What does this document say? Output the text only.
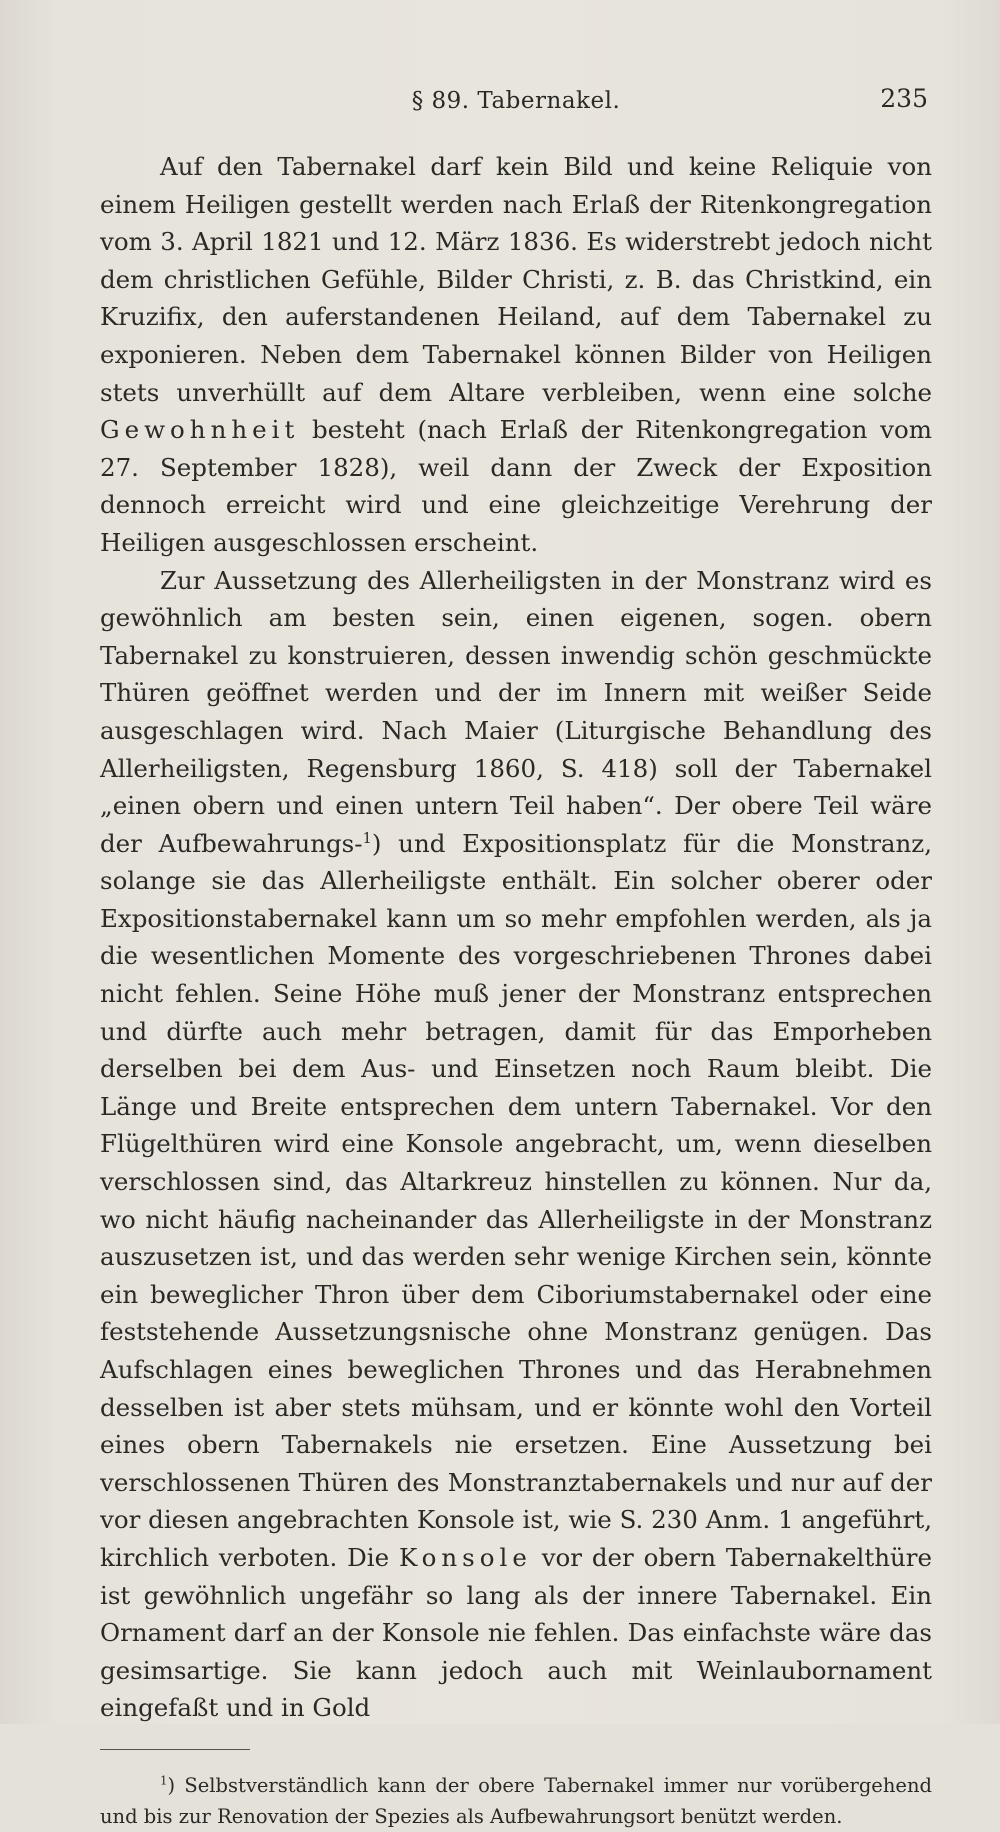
§ 89. Tabernakel.	235

Auf den Tabernakel darf kein Bild und keine Reliquie von einem Heiligen gestellt werden nach Erlaß der Ritenkongregation vom 3. April 1821 und 12. März 1836. Es widerstrebt jedoch nicht dem christlichen Gefühle, Bilder Christi, z. B. das Christkind, ein Kruzifix, den auferstandenen Heiland, auf dem Tabernakel zu exponieren. Neben dem Tabernakel können Bilder von Heiligen stets unverhüllt auf dem Altare verbleiben, wenn eine solche Gewohnheit besteht (nach Erlaß der Ritenkongregation vom 27. September 1828), weil dann der Zweck der Exposition dennoch erreicht wird und eine gleichzeitige Verehrung der Heiligen ausgeschlossen erscheint.

Zur Aussetzung des Allerheiligsten in der Monstranz wird es gewöhnlich am besten sein, einen eigenen, sogen. obern Tabernakel zu konstruieren, dessen inwendig schön geschmückte Thüren geöffnet werden und der im Innern mit weißer Seide ausgeschlagen wird. Nach Maier (Liturgische Behandlung des Allerheiligsten, Regensburg 1860, S. 418) soll der Tabernakel „einen obern und einen untern Teil haben“. Der obere Teil wäre der Aufbewahrungs-$^1$) und Expositionsplatz für die Monstranz, solange sie das Allerheiligste enthält. Ein solcher oberer oder Expositionstabernakel kann um so mehr empfohlen werden, als ja die wesentlichen Momente des vorgeschriebenen Thrones dabei nicht fehlen. Seine Höhe muß jener der Monstranz entsprechen und dürfte auch mehr betragen, damit für das Emporheben derselben bei dem Aus- und Einsetzen noch Raum bleibt. Die Länge und Breite entsprechen dem untern Tabernakel. Vor den Flügelthüren wird eine Konsole angebracht, um, wenn dieselben verschlossen sind, das Altarkreuz hinstellen zu können. Nur da, wo nicht häufig nacheinander das Allerheiligste in der Monstranz auszusetzen ist, und das werden sehr wenige Kirchen sein, könnte ein beweglicher Thron über dem Ciboriumstabernakel oder eine feststehende Aussetzungsnische ohne Monstranz genügen. Das Aufschlagen eines beweglichen Thrones und das Herabnehmen desselben ist aber stets mühsam, und er könnte wohl den Vorteil eines obern Tabernakels nie ersetzen. Eine Aussetzung bei verschlossenen Thüren des Monstranztabernakels und nur auf der vor diesen angebrachten Konsole ist, wie S. 230 Anm. 1 angeführt, kirchlich verboten. Die Konsole vor der obern Tabernakelthüre ist gewöhnlich ungefähr so lang als der innere Tabernakel. Ein Ornament darf an der Konsole nie fehlen. Das einfachste wäre das gesimsartige. Sie kann jedoch auch mit Weinlaubornament eingefaßt und in Gold

$^1$) Selbstverständlich kann der obere Tabernakel immer nur vorübergehend und bis zur Renovation der Spezies als Aufbewahrungsort benützt werden.
